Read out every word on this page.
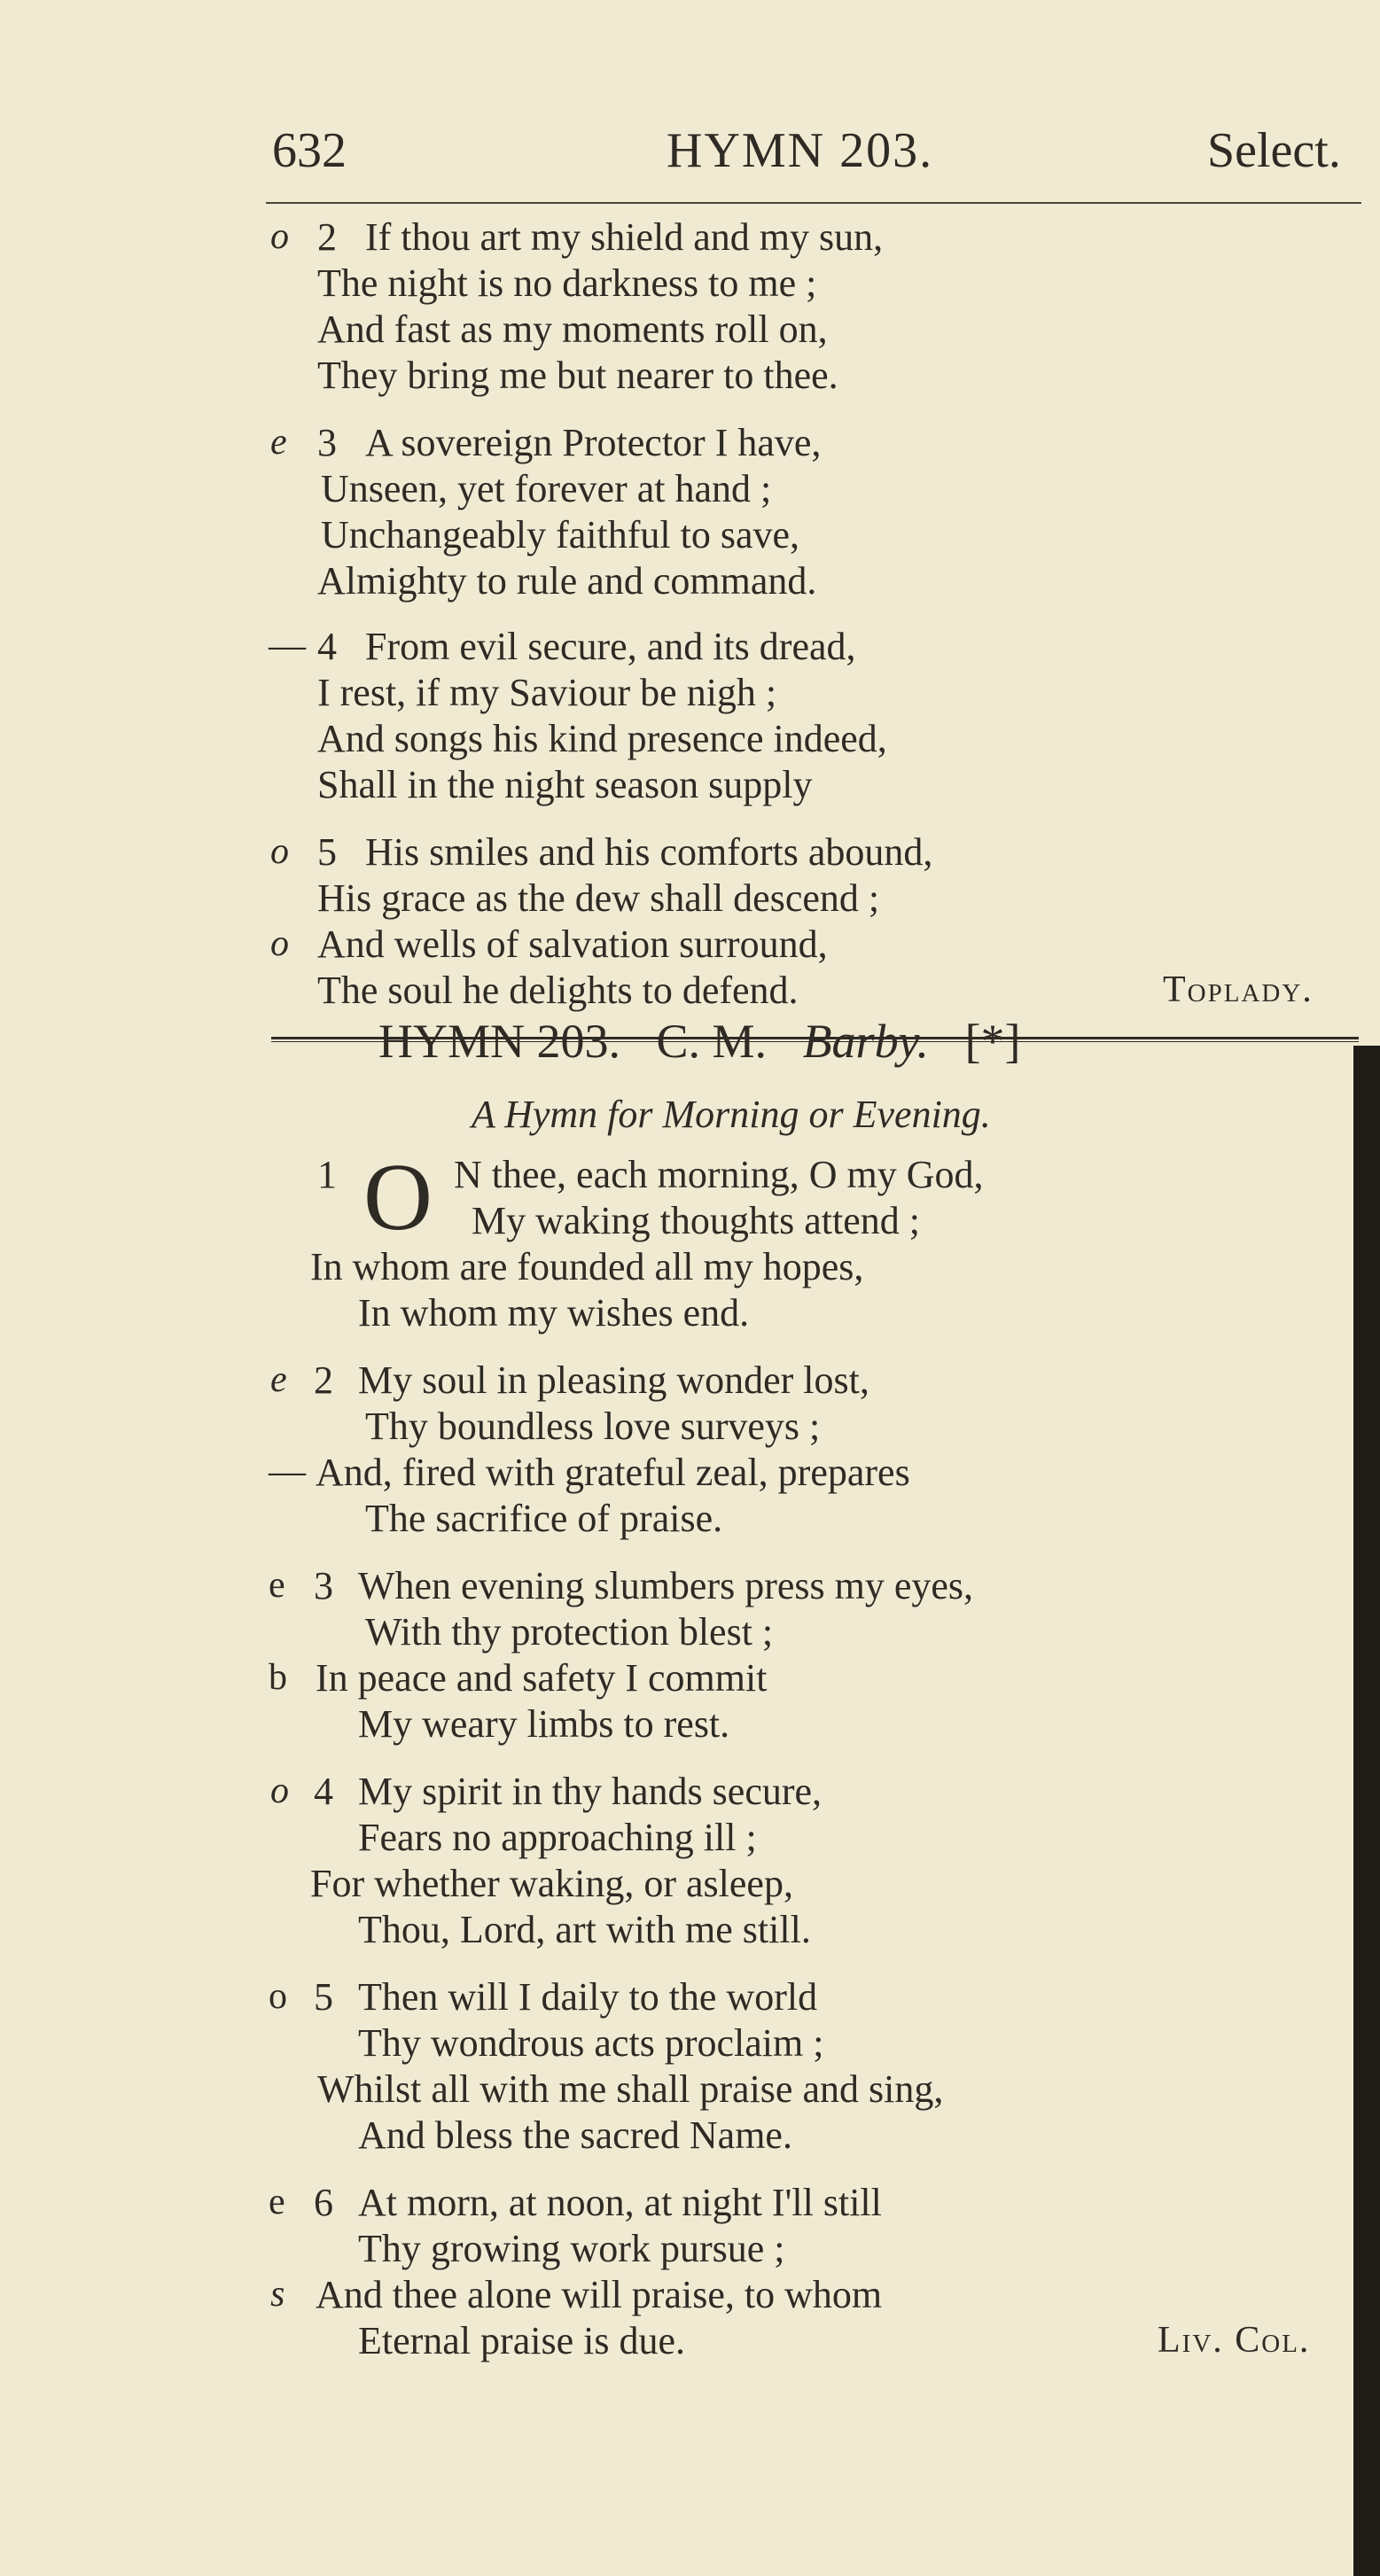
632	HYMN 203.	Select.
o 2 If thou art my shield and my sun,
The night is no darkness to me ;
And fast as my moments roll on,
They bring me but nearer to thee.
e 3 A sovereign Protector I have,
Unseen, yet forever at hand ;
Unchangeably faithful to save,
Almighty to rule and command.
— 4 From evil secure, and its dread,
I rest, if my Saviour be nigh ;
And songs his kind presence indeed,
Shall in the night season supply
o 5 His smiles and his comforts abound,
His grace as the dew shall descend ;
o And wells of salvation surround,
The soul he delights to defend.	Toplady.
HYMN 203. C. M. Barby. [*]
A Hymn for Morning or Evening.
1 O N thee, each morning, O my God,
My waking thoughts attend ;
In whom are founded all my hopes,
In whom my wishes end.
e 2 My soul in pleasing wonder lost,
Thy boundless love surveys ;
— And, fired with grateful zeal, prepares
The sacrifice of praise.
e 3 When evening slumbers press my eyes,
With thy protection blest ;
b In peace and safety I commit
My weary limbs to rest.
o 4 My spirit in thy hands secure,
Fears no approaching ill ;
For whether waking, or asleep,
Thou, Lord, art with me still.
o 5 Then will I daily to the world
Thy wondrous acts proclaim ;
Whilst all with me shall praise and sing,
And bless the sacred Name.
e 6 At morn, at noon, at night I'll still
Thy growing work pursue ;
s And thee alone will praise, to whom
Eternal praise is due.	Liv. Col.
